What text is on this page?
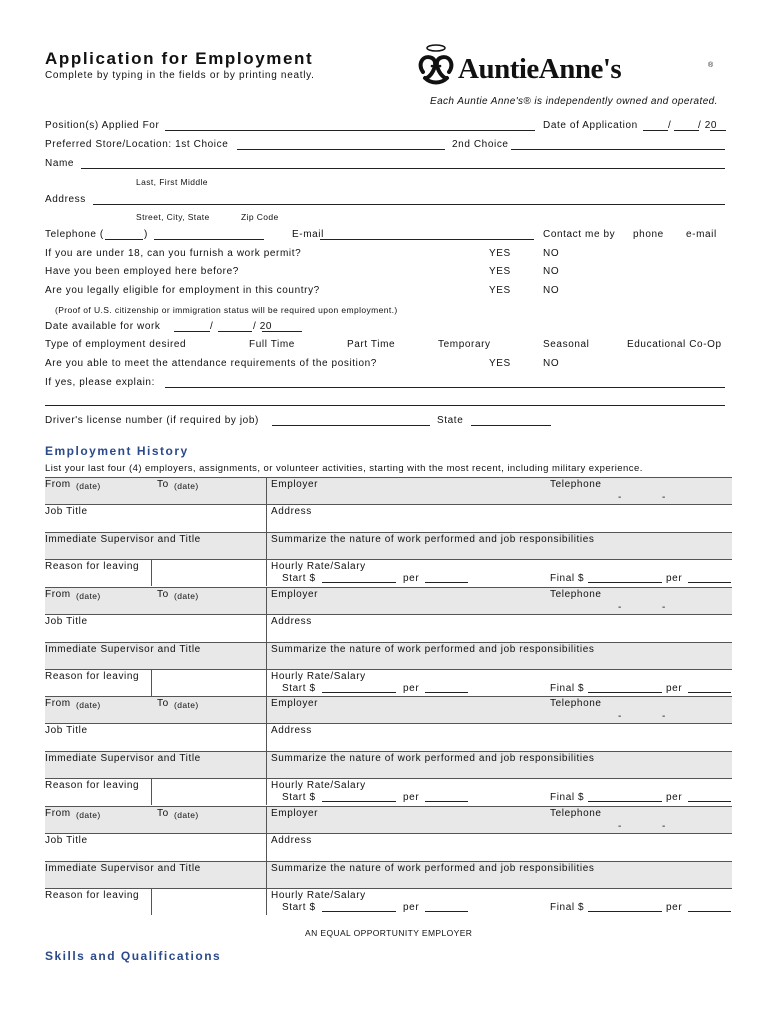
Application for Employment
Complete by typing in the fields or by printing neatly.	AuntieAnne's	®
Each Auntie Anne's® is independently owned and operated.
Position(s) Applied For	Date of Application	/	/ 20
Preferred Store/Location: 1st Choice	2nd Choice
Name
Last, First Middle
Address
Street, City, State	Zip Code
Telephone (	)	E-mail	Contact me by phone e-mail
If you are under 18, can you furnish a work permit?	YES	NO
Have you been employed here before?	YES	NO
Are you legally eligible for employment in this country?	YES	NO
(Proof of U.S. citizenship or immigration status will be required upon employment.)
Date available for work	/	/ 20
Type of employment desired	Full Time	Part Time	Temporary	Seasonal	Educational Co-Op
Are you able to meet the attendance requirements of the position?	YES	NO
If yes, please explain:
Driver's license number (if required by job)	State
Employment History
List your last four (4) employers, assignments, or volunteer activities, starting with the most recent, including military experience.
From (date)	To (date)	Employer	Telephone
-	-
Job Title	Address
Immediate Supervisor and Title	Summarize the nature of work performed and job responsibilities
Reason for leaving	Hourly Rate/Salary
Start $	per	Final $	per
From (date)	To (date)	Employer	Telephone
-	-
Job Title	Address
Immediate Supervisor and Title	Summarize the nature of work performed and job responsibilities
Reason for leaving	Hourly Rate/Salary
Start $	per	Final $	per
From (date)	To (date)	Employer	Telephone
-	-
Job Title	Address
Immediate Supervisor and Title	Summarize the nature of work performed and job responsibilities
Reason for leaving	Hourly Rate/Salary
Start $	per	Final $	per
From (date)	To (date)	Employer	Telephone
-	-
Job Title	Address
Immediate Supervisor and Title	Summarize the nature of work performed and job responsibilities
Reason for leaving	Hourly Rate/Salary
Start $	per	Final $	per
AN EQUAL OPPORTUNITY EMPLOYER
Skills and Qualifications
